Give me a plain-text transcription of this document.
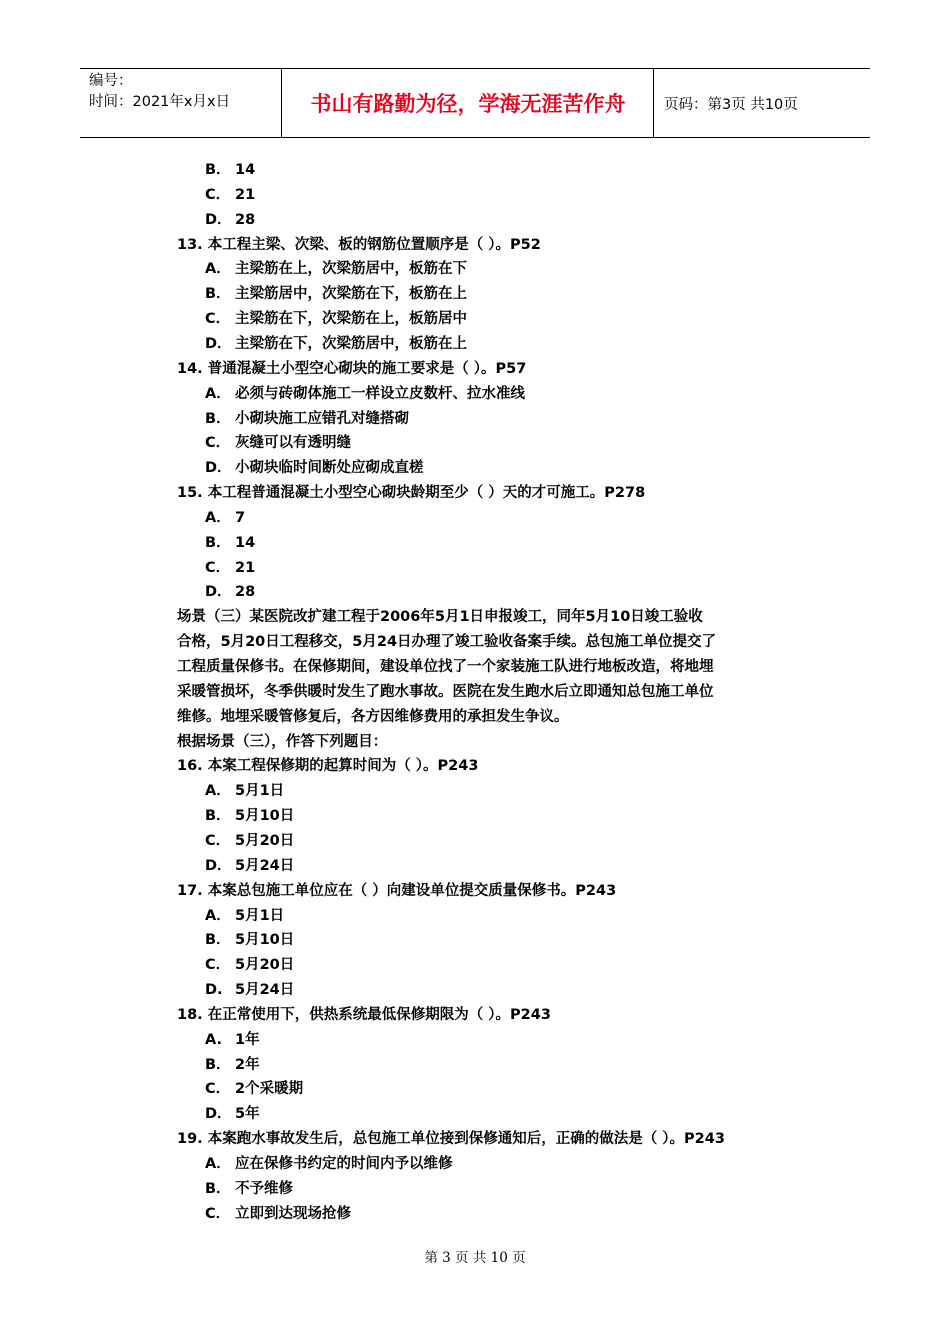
编号：
时间：2021年x月x日	书山有路勤为径，学海无涯苦作舟	页码：第3页 共10页
B． 14
C． 21
D． 28
13. 本工程主梁、次梁、板的钢筋位置顺序是（ ）。P52
A． 主梁筋在上，次梁筋居中，板筋在下
B． 主梁筋居中，次梁筋在下，板筋在上
C． 主梁筋在下，次梁筋在上，板筋居中
D． 主梁筋在下，次梁筋居中，板筋在上
14. 普通混凝土小型空心砌块的施工要求是（ ）。P57
A． 必须与砖砌体施工一样设立皮数杆、拉水准线
B． 小砌块施工应错孔对缝搭砌
C． 灰缝可以有透明缝
D． 小砌块临时间断处应砌成直槎
15. 本工程普通混凝土小型空心砌块龄期至少（ ）天的才可施工。P278
A． 7
B． 14
C． 21
D． 28
场景（三）某医院改扩建工程于2006年5月1日申报竣工，同年5月10日竣工验收
合格，5月20日工程移交，5月24日办理了竣工验收备案手续。总包施工单位提交了
工程质量保修书。在保修期间，建设单位找了一个家装施工队进行地板改造，将地埋
采暖管损坏，冬季供暖时发生了跑水事故。医院在发生跑水后立即通知总包施工单位
维修。地埋采暖管修复后，各方因维修费用的承担发生争议。
根据场景（三），作答下列题目：
16. 本案工程保修期的起算时间为（ ）。P243
A． 5月1日
B． 5月10日
C． 5月20日
D． 5月24日
17. 本案总包施工单位应在（ ）向建设单位提交质量保修书。P243
A． 5月1日
B． 5月10日
C． 5月20日
D. 5月24日
18. 在正常使用下，供热系统最低保修期限为（ ）。P243
A. 1年
B． 2年
C． 2个采暖期
D． 5年
19. 本案跑水事故发生后，总包施工单位接到保修通知后，正确的做法是（ ）。P243
A． 应在保修书约定的时间内予以维修
B． 不予维修
C． 立即到达现场抢修
第 3 页 共 10 页
